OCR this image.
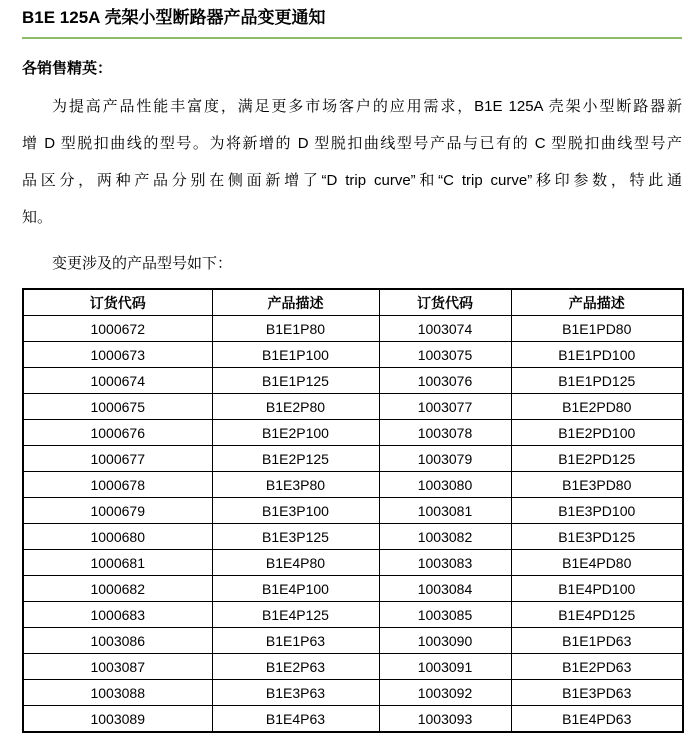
B1E 125A 壳架小型断路器产品变更通知
各销售精英：
为提高产品性能丰富度，满足更多市场客户的应用需求，B1E 125A 壳架小型断路器新
增 D 型脱扣曲线的型号。为将新增的 D 型脱扣曲线型号产品与已有的 C 型脱扣曲线型号产
品区分，两种产品分别在侧面新增了“D trip curve”和“C trip curve”移印参数，特此通
知。
变更涉及的产品型号如下：
订货代码	产品描述	订货代码	产品描述
1000672	B1E1P80	1003074	B1E1PD80
1000673	B1E1P100	1003075	B1E1PD100
1000674	B1E1P125	1003076	B1E1PD125
1000675	B1E2P80	1003077	B1E2PD80
1000676	B1E2P100	1003078	B1E2PD100
1000677	B1E2P125	1003079	B1E2PD125
1000678	B1E3P80	1003080	B1E3PD80
1000679	B1E3P100	1003081	B1E3PD100
1000680	B1E3P125	1003082	B1E3PD125
1000681	B1E4P80	1003083	B1E4PD80
1000682	B1E4P100	1003084	B1E4PD100
1000683	B1E4P125	1003085	B1E4PD125
1003086	B1E1P63	1003090	B1E1PD63
1003087	B1E2P63	1003091	B1E2PD63
1003088	B1E3P63	1003092	B1E3PD63
1003089	B1E4P63	1003093	B1E4PD63
